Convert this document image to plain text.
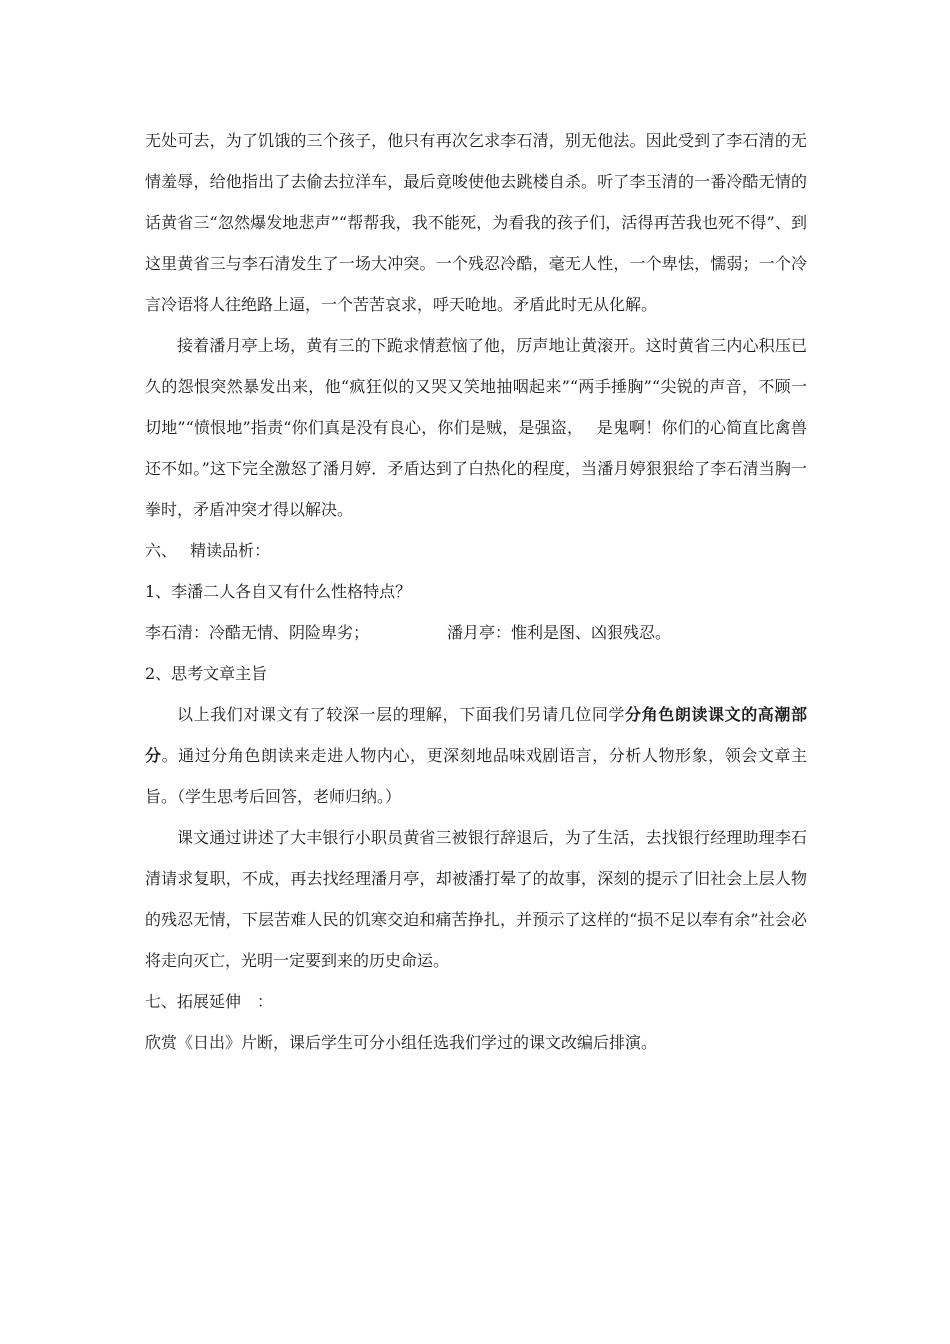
无处可去，为了饥饿的三个孩子，他只有再次乞求李石清，别无他法。因此受到了李石清的无情羞辱，给他指出了去偷去拉洋车，最后竟唆使他去跳楼自杀。听了李玉清的一番冷酷无情的话黄省三“忽然爆发地悲声”“帮帮我，我不能死，为看我的孩子们，活得再苦我也死不得”、到这里黄省三与李石清发生了一场大冲突。一个残忍冷酷，毫无人性，一个卑怯，懦弱；一个冷言冷语将人往绝路上逼，一个苦苦哀求，呼天呛地。矛盾此时无从化解。

接着潘月亭上场，黄有三的下跪求情惹恼了他，厉声地让黄滚开。这时黄省三内心积压已久的怨恨突然暴发出来，他“疯狂似的又哭又笑地抽咽起来”“两手捶胸”“尖锐的声音，不顾一切地”“愤恨地”指责“你们真是没有良心，你们是贼，是强盗，　 是鬼啊！你们的心简直比禽兽还不如。”这下完全激怒了潘月婷．矛盾达到了白热化的程度，当潘月婷狠狠给了李石清当胸一拳时，矛盾冲突才得以解决。

六、　 精读品析：

1、李潘二人各自又有什么性格特点？

李石清：冷酷无情、阴险卑劣；	潘月亭：惟利是图、凶狠残忍。

2、思考文章主旨

以上我们对课文有了较深一层的理解，下面我们另请几位同学分角色朗读课文的高潮部分。通过分角色朗读来走进人物内心，更深刻地品味戏剧语言，分析人物形象，领会文章主旨。（学生思考后回答，老师归纳。）

课文通过讲述了大丰银行小职员黄省三被银行辞退后，为了生活，去找银行经理助理李石清请求复职，不成，再去找经理潘月亭，却被潘打晕了的故事，深刻的提示了旧社会上层人物的残忍无情，下层苦难人民的饥寒交迫和痛苦挣扎，并预示了这样的“损不足以奉有余”社会必将走向灭亡，光明一定要到来的历史命运。

七、拓展延伸　：

欣赏《日出》片断，课后学生可分小组任选我们学过的课文改编后排演。
